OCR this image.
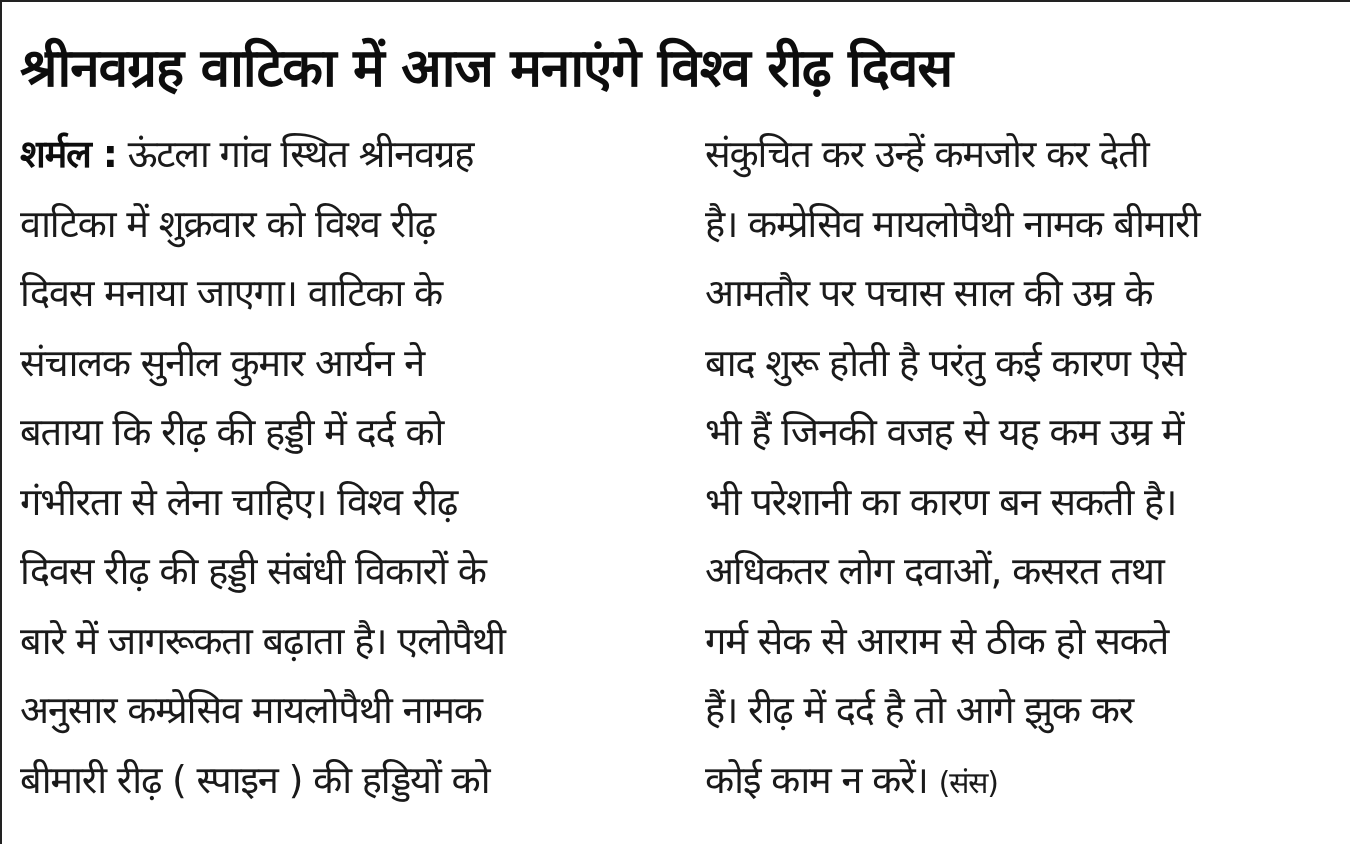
श्रीनवग्रह वाटिका में आज मनाएंगे विश्व रीढ़ दिवस
शर्मल : ऊंटला गांव स्थित श्रीनवग्रह
वाटिका में शुक्रवार को विश्व रीढ़
दिवस मनाया जाएगा। वाटिका के
संचालक सुनील कुमार आर्यन ने
बताया कि रीढ़ की हड्डी में दर्द को
गंभीरता से लेना चाहिए। विश्व रीढ़
दिवस रीढ़ की हड्डी संबंधी विकारों के
बारे में जागरूकता बढ़ाता है। एलोपैथी
अनुसार कम्प्रेसिव मायलोपैथी नामक
बीमारी रीढ़ ( स्पाइन ) की हड्डियों को
संकुचित कर उन्हें कमजोर कर देती
है। कम्प्रेसिव मायलोपैथी नामक बीमारी
आमतौर पर पचास साल की उम्र के
बाद शुरू होती है परंतु कई कारण ऐसे
भी हैं जिनकी वजह से यह कम उम्र में
भी परेशानी का कारण बन सकती है।
अधिकतर लोग दवाओं, कसरत तथा
गर्म सेक से आराम से ठीक हो सकते
हैं। रीढ़ में दर्द है तो आगे झुक कर
कोई काम न करें। (संस)
